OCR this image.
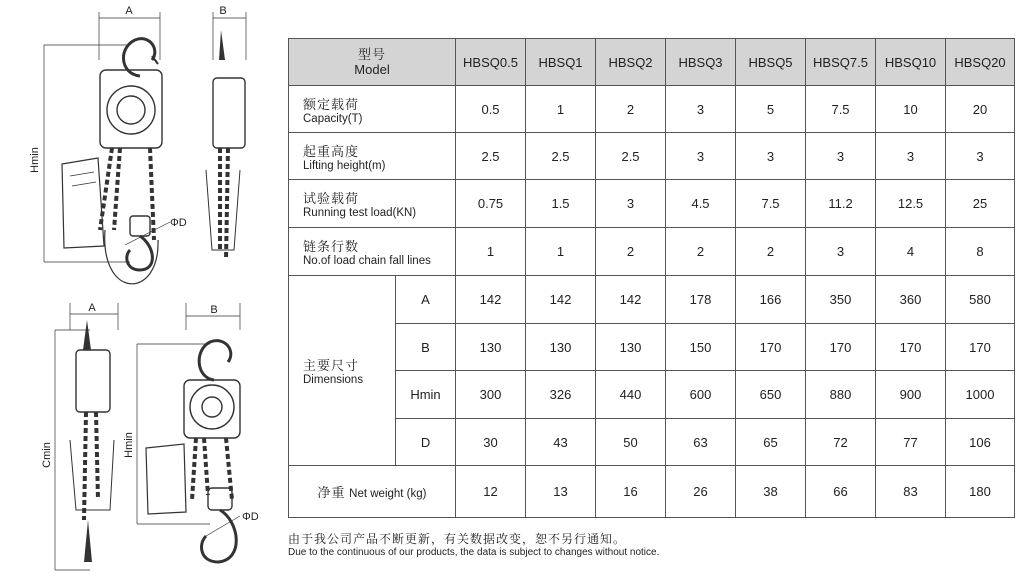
A
Hmin
ΦD
B
A
Cmin
B
Hmin
ΦD
型号
Model		HBSQ0.5	HBSQ1	HBSQ2	HBSQ3	HBSQ5	HBSQ7.5	HBSQ10	HBSQ20

额定载荷
Capacity(T)		0.5	1	2	3	5	7.5	10	20

起重高度
Lifting height(m)		2.5	2.5	2.5	3	3	3	3	3

试验载荷
Running test load(KN)		0.75	1.5	3	4.5	7.5	11.2	12.5	25

链条行数
No.of load chain fall lines		1	1	2	2	2	3	4	8

主要尺寸
Dimensions	A	142	142	142	178	166	350	360	580
	B	130	130	130	150	170	170	170	170
	Hmin	300	326	440	600	650	880	900	1000
	D	30	43	50	63	65	72	77	106
净重 Net weight (kg)		12	13	16	26	38	66	83	180
由于我公司产品不断更新，有关数据改变，恕不另行通知。
Due to the continuous of our products, the data is subject to changes without notice.
